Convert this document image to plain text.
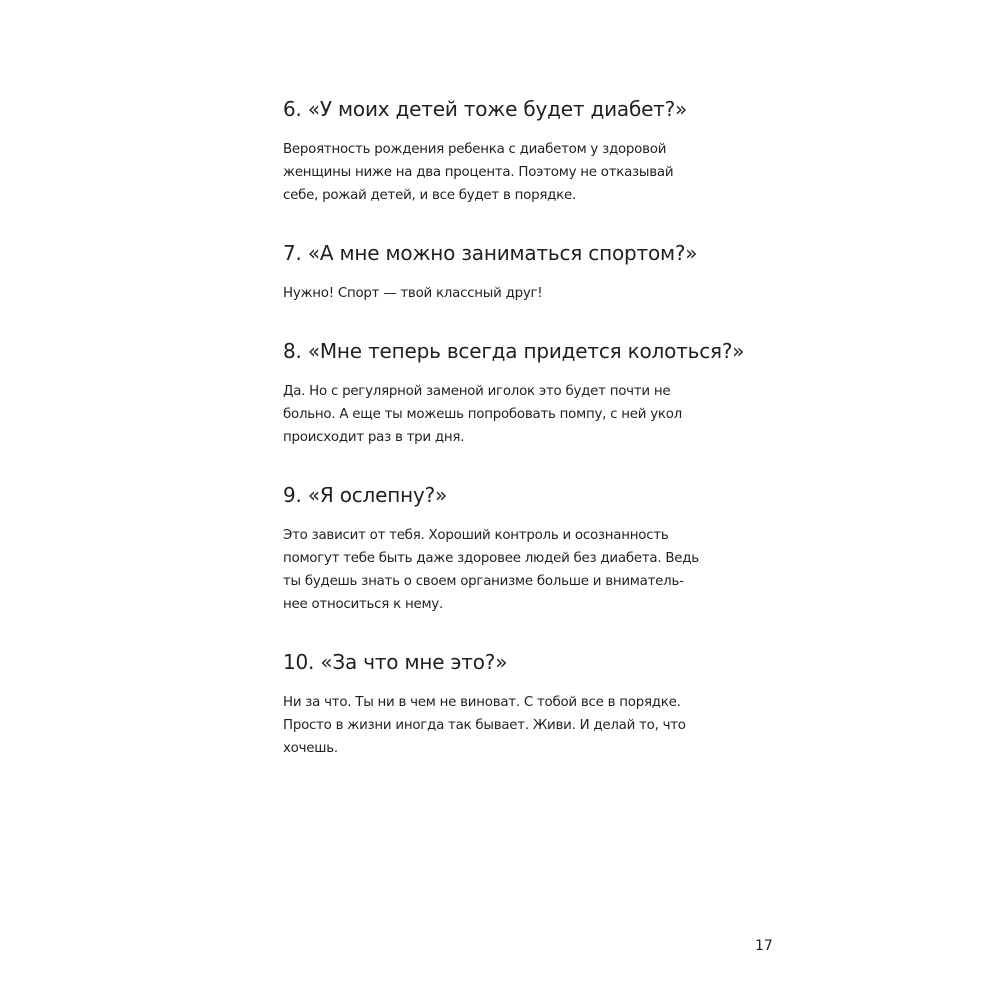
6. «У моих детей тоже будет диабет?»

Вероятность рождения ребенка с диабетом у здоровой
женщины ниже на два процента. Поэтому не отказывай
себе, рожай детей, и все будет в порядке.

7. «А мне можно заниматься спортом?»

Нужно! Спорт — твой классный друг!

8. «Мне теперь всегда придется колоться?»

Да. Но с регулярной заменой иголок это будет почти не
больно. А еще ты можешь попробовать помпу, с ней укол
происходит раз в три дня.

9. «Я ослепну?»

Это зависит от тебя. Хороший контроль и осознанность
помогут тебе быть даже здоровее людей без диабета. Ведь
ты будешь знать о своем организме больше и вниматель-
нее относиться к нему.

10. «За что мне это?»

Ни за что. Ты ни в чем не виноват. С тобой все в порядке.
Просто в жизни иногда так бывает. Живи. И делай то, что
хочешь.

17
